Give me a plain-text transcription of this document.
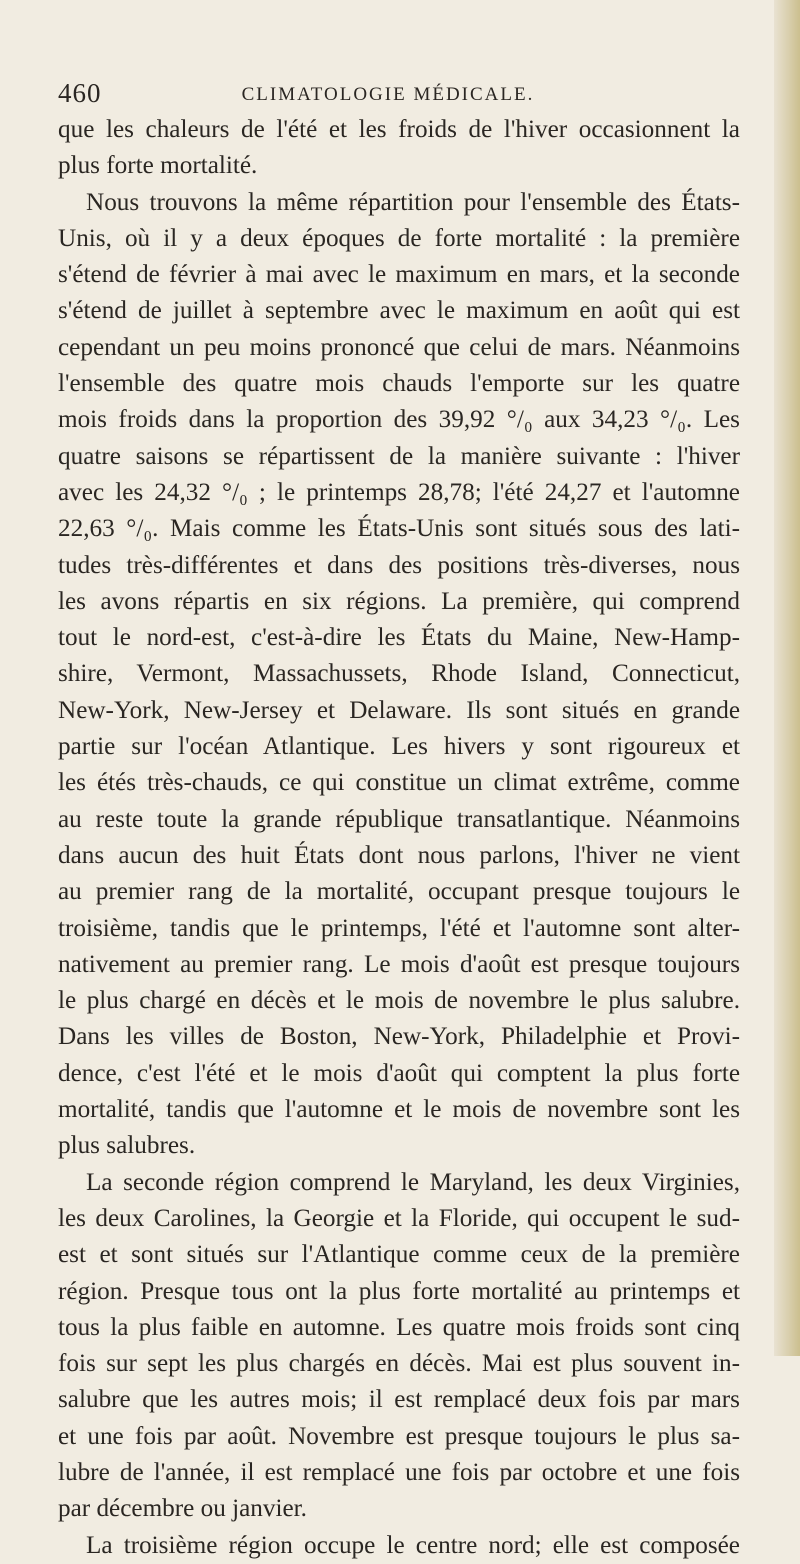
460	CLIMATOLOGIE MÉDICALE.
que les chaleurs de l'été et les froids de l'hiver occasionnent la
plus forte mortalité.
Nous trouvons la même répartition pour l'ensemble des États-
Unis, où il y a deux époques de forte mortalité : la première
s'étend de février à mai avec le maximum en mars, et la seconde
s'étend de juillet à septembre avec le maximum en août qui est
cependant un peu moins prononcé que celui de mars. Néanmoins
l'ensemble des quatre mois chauds l'emporte sur les quatre
mois froids dans la proportion des 39,92 °/₀ aux 34,23 °/₀. Les
quatre saisons se répartissent de la manière suivante : l'hiver
avec les 24,32 °/₀ ; le printemps 28,78; l'été 24,27 et l'automne
22,63 °/₀. Mais comme les États-Unis sont situés sous des lati-
tudes très-différentes et dans des positions très-diverses, nous
les avons répartis en six régions. La première, qui comprend
tout le nord-est, c'est-à-dire les États du Maine, New-Hamp-
shire, Vermont, Massachussets, Rhode Island, Connecticut,
New-York, New-Jersey et Delaware. Ils sont situés en grande
partie sur l'océan Atlantique. Les hivers y sont rigoureux et
les étés très-chauds, ce qui constitue un climat extrême, comme
au reste toute la grande république transatlantique. Néanmoins
dans aucun des huit États dont nous parlons, l'hiver ne vient
au premier rang de la mortalité, occupant presque toujours le
troisième, tandis que le printemps, l'été et l'automne sont alter-
nativement au premier rang. Le mois d'août est presque toujours
le plus chargé en décès et le mois de novembre le plus salubre.
Dans les villes de Boston, New-York, Philadelphie et Provi-
dence, c'est l'été et le mois d'août qui comptent la plus forte
mortalité, tandis que l'automne et le mois de novembre sont les
plus salubres.
La seconde région comprend le Maryland, les deux Virginies,
les deux Carolines, la Georgie et la Floride, qui occupent le sud-
est et sont situés sur l'Atlantique comme ceux de la première
région. Presque tous ont la plus forte mortalité au printemps et
tous la plus faible en automne. Les quatre mois froids sont cinq
fois sur sept les plus chargés en décès. Mai est plus souvent in-
salubre que les autres mois; il est remplacé deux fois par mars
et une fois par août. Novembre est presque toujours le plus sa-
lubre de l'année, il est remplacé une fois par octobre et une fois
par décembre ou janvier.
La troisième région occupe le centre nord; elle est composée
